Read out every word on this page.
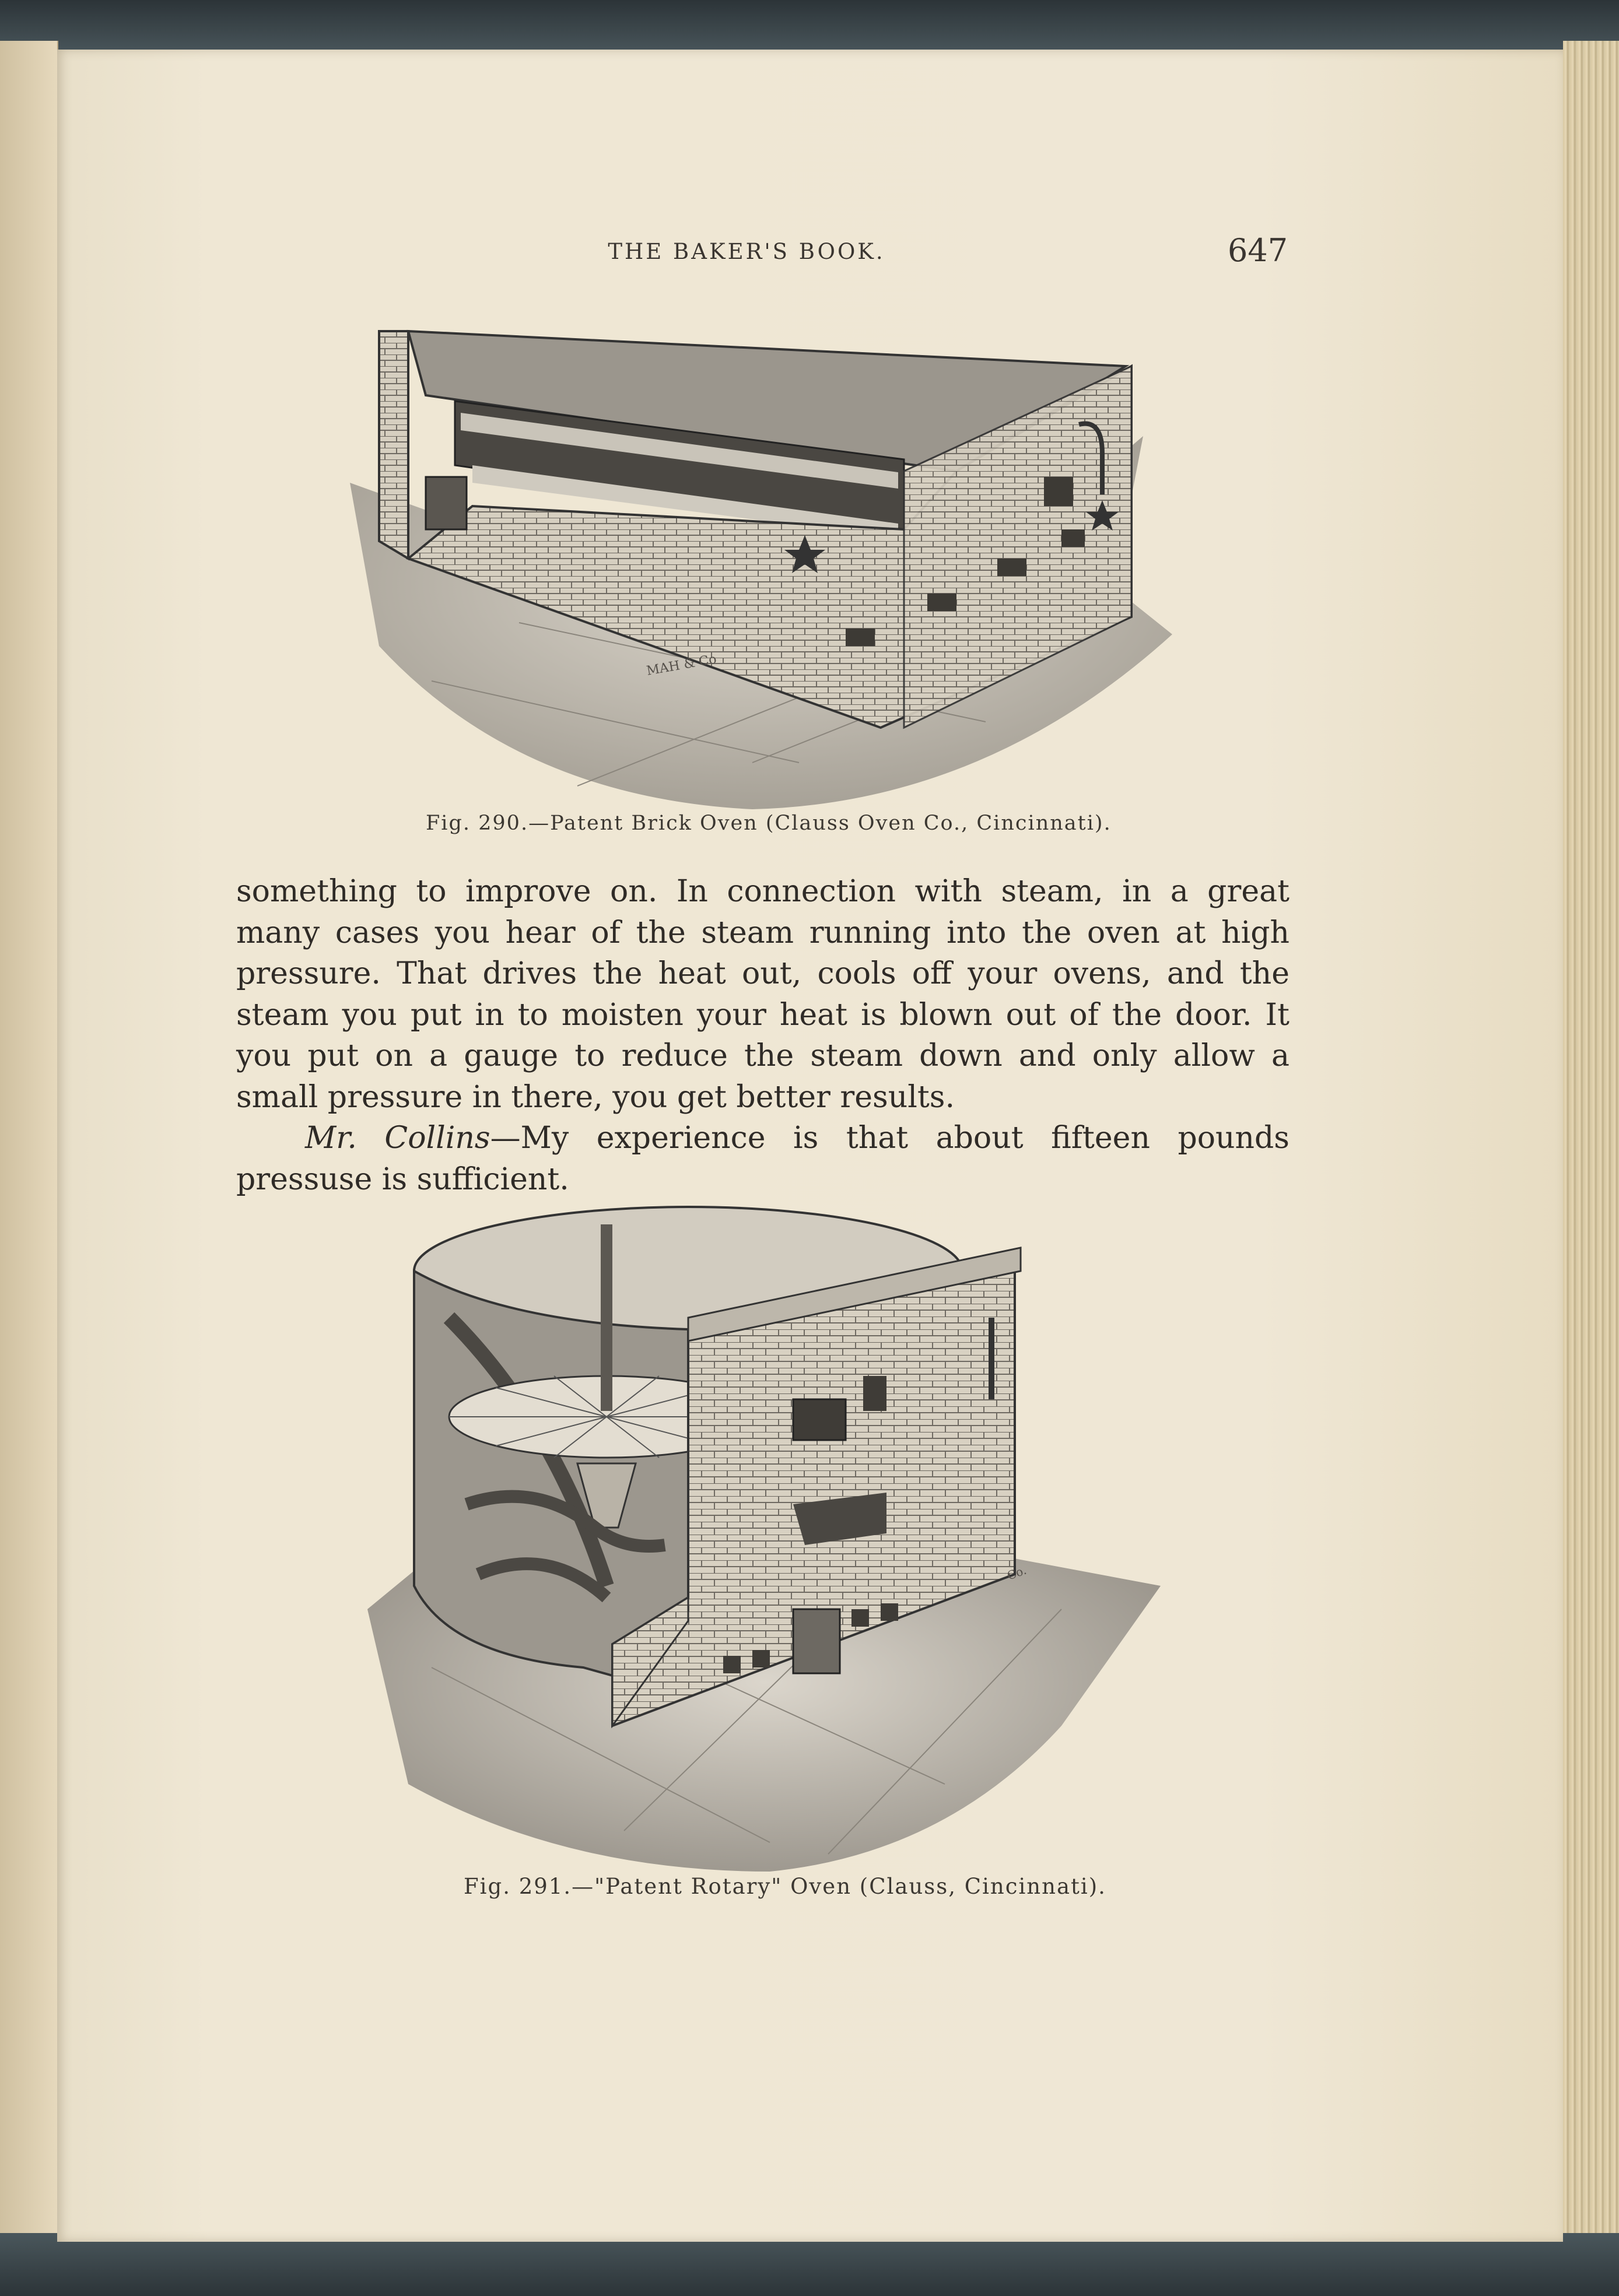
THE BAKER'S BOOK.	647
MAH & Co
Fig. 290.—Patent Brick Oven (Clauss Oven Co., Cincinnati).

something to improve on. In connection with steam, in a great many cases you hear of the steam running into the oven at high pressure. That drives the heat out, cools off your ovens, and the steam you put in to moisten your heat is blown out of the door. It you put on a gauge to reduce the steam down and only allow a small pressure in there, you get better results.

Mr. Collins—My experience is that about fifteen pounds pressuse is sufficient.

Co.
Fig. 291.—"Patent Rotary" Oven (Clauss, Cincinnati).
